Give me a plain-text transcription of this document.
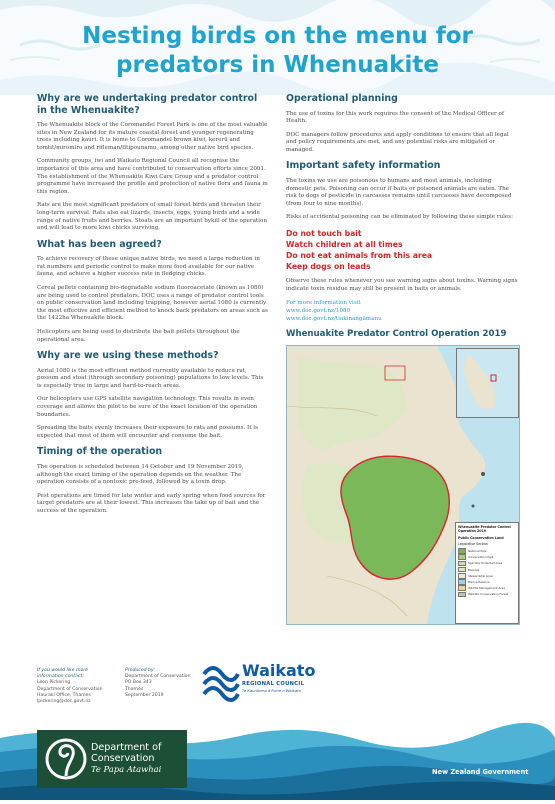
Nesting birds on the menu for
predators in Whenuakite
Why are we undertaking predator control in the Whenuakite?

The Whenuakite block of the Coromandel Forest Park is one of the most valuable sites in New Zealand for its mature coastal forest and younger regenerating trees including kauri. It is home to Coromandel brown kiwi, kererū and tomtit/miromiro and rifleman/tītipounamu, among other native bird species.

Community groups, iwi and Waikato Regional Council all recognise the importance of this area and have contributed to conservation efforts since 2001. The establishment of the Whenuakite Kiwi Care Group and a predator control programme have increased the profile and protection of native flora and fauna in this region.

Rats are the most significant predators of small forest birds and threaten their long-term survival. Rats also eat lizards, insects, eggs, young birds and a wide range of native fruits and berries. Stoats are an important bykill of the operation and will lead to more kiwi chicks surviving.

What has been agreed?

To achieve recovery of these unique native birds, we need a large reduction in rat numbers and periodic control to make more food available for our native fauna, and achieve a higher success rate in fledging chicks.

Cereal pellets containing bio-degradable sodium fluoroacetate (known as 1080) are being used to control predators. DOC uses a range of predator control tools on public conservation land including trapping, however aerial 1080 is currently the most effective and efficient method to knock back predators on areas such as the 1422ha Whenuakite block.

Helicopters are being used to distribute the bait pellets throughout the operational area.

Why are we using these methods?

Aerial 1080 is the most efficient method currently available to reduce rat, possum and stoat (through secondary poisoning) populations to low levels. This is especially true in large and hard-to-reach areas.

Our helicopters use GPS satellite navigation technology. This results in even coverage and allows the pilot to be sure of the exact location of the operation boundaries.

Spreading the baits evenly increases their exposure to rats and possums. It is expected that most of them will encounter and consume the bait.

Timing of the operation

The operation is scheduled between 14 October and 19 November 2019, although the exact timing of the operation depends on the weather. The operation consists of a nontoxic pre-feed, followed by a toxin drop.

Pest operations are timed for late winter and early spring when food sources for target predators are at their lowest. This increases the take up of bait and the success of the operation.

Operational planning

The use of toxins for this work requires the consent of the Medical Officer of Health.

DOC managers follow procedures and apply conditions to ensure that all legal and policy requirements are met, and any potential risks are mitigated or managed.

Important safety information

The toxins we use are poisonous to humans and most animals, including domestic pets. Poisoning can occur if baits or poisoned animals are eaten. The risk to dogs of pesticide in carcasses remains until carcasses have decomposed (from four to nine months).

Risks of accidental poisoning can be eliminated by following these simple rules:

Do not touch bait
Watch children at all times
Do not eat animals from this area
Keep dogs on leads

Observe these rules whenever you see warning signs about toxins. Warning signs indicate toxin residue may still be present in baits or animals.

For more information visit
www.doc.govt.nz/1080
www.doc.govt.nz/tiakinangāmanu
Whenuakite Predator Control Operation 2019
Whenuakite Predator Control Operation 2019
Public Conservation Land
Legislative Section
National Park
Conservation Park
Specially Protected Area
Reserve
Stewardship Area
Marine Reserve
Wildlife Management Area
Waikato Conservation Forest
If you would like more
information contact:
Leon Pickering
Department of Conservation
Hauraki Office, Thames
lpickering@doc.govt.nz
Produced by:
Department of Conservation
PO Box 343
Thames
September 2019
Waikato
REGIONAL COUNCIL
Te Kaunihera ā Rohe o Waikato
Department of
Conservation
Te Papa Atawhai	New Zealand Government
